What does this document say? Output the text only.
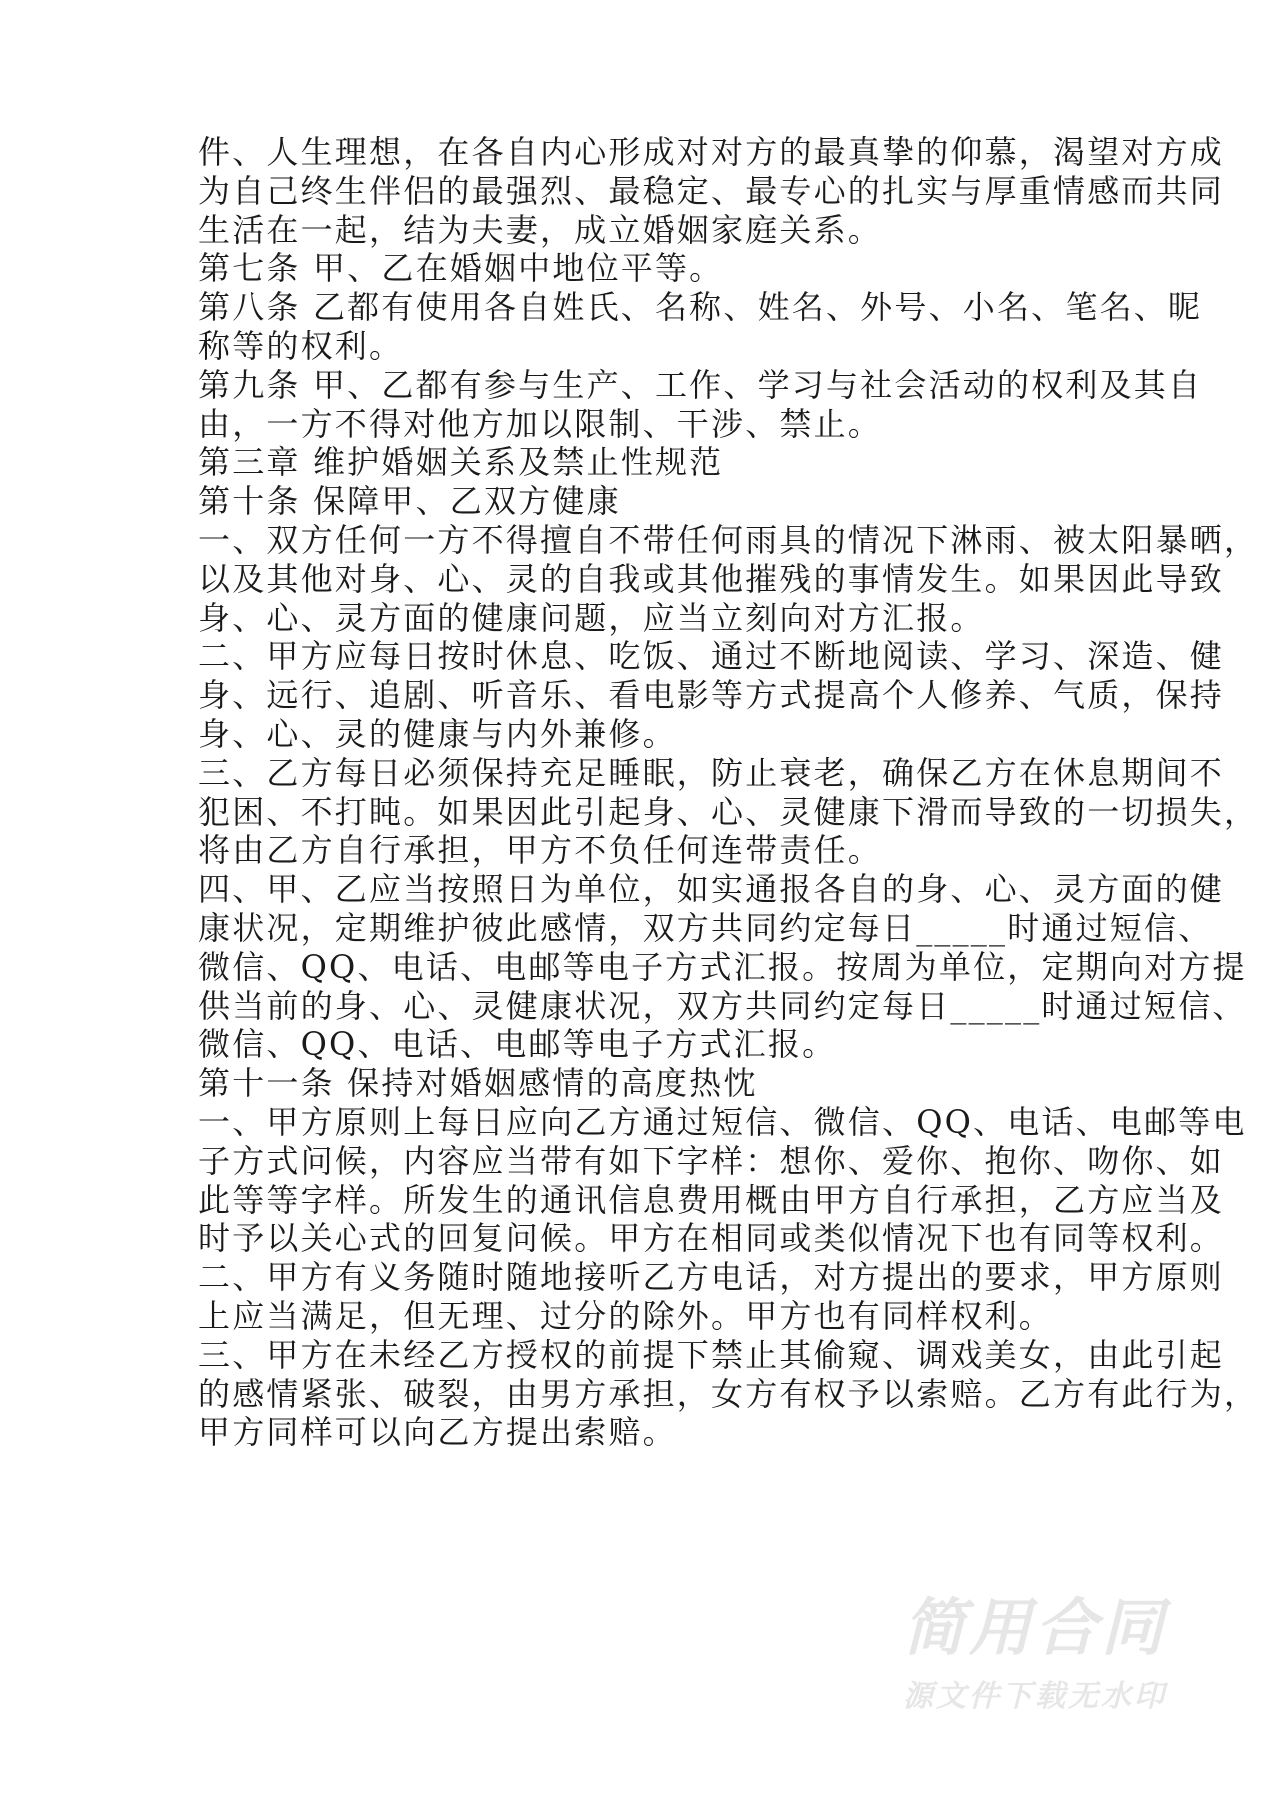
件、人生理想，在各自内心形成对对方的最真挚的仰慕，渴望对方成
为自己终生伴侣的最强烈、最稳定、最专心的扎实与厚重情感而共同
生活在一起，结为夫妻，成立婚姻家庭关系。
第七条 甲、乙在婚姻中地位平等。
第八条 乙都有使用各自姓氏、名称、姓名、外号、小名、笔名、昵
称等的权利。
第九条 甲、乙都有参与生产、工作、学习与社会活动的权利及其自
由，一方不得对他方加以限制、干涉、禁止。
第三章 维护婚姻关系及禁止性规范
第十条 保障甲、乙双方健康
一、双方任何一方不得擅自不带任何雨具的情况下淋雨、被太阳暴晒，
以及其他对身、心、灵的自我或其他摧残的事情发生。如果因此导致
身、心、灵方面的健康问题，应当立刻向对方汇报。
二、甲方应每日按时休息、吃饭、通过不断地阅读、学习、深造、健
身、远行、追剧、听音乐、看电影等方式提高个人修养、气质，保持
身、心、灵的健康与内外兼修。
三、乙方每日必须保持充足睡眠，防止衰老，确保乙方在休息期间不
犯困、不打盹。如果因此引起身、心、灵健康下滑而导致的一切损失，
将由乙方自行承担，甲方不负任何连带责任。
四、甲、乙应当按照日为单位，如实通报各自的身、心、灵方面的健
康状况，定期维护彼此感情，双方共同约定每日_____时通过短信、
微信、QQ、电话、电邮等电子方式汇报。按周为单位，定期向对方提
供当前的身、心、灵健康状况，双方共同约定每日_____时通过短信、
微信、QQ、电话、电邮等电子方式汇报。
第十一条 保持对婚姻感情的高度热忱
一、甲方原则上每日应向乙方通过短信、微信、QQ、电话、电邮等电
子方式问候，内容应当带有如下字样：想你、爱你、抱你、吻你、如
此等等字样。所发生的通讯信息费用概由甲方自行承担，乙方应当及
时予以关心式的回复问候。甲方在相同或类似情况下也有同等权利。
二、甲方有义务随时随地接听乙方电话，对方提出的要求，甲方原则
上应当满足，但无理、过分的除外。甲方也有同样权利。
三、甲方在未经乙方授权的前提下禁止其偷窥、调戏美女，由此引起
的感情紧张、破裂，由男方承担，女方有权予以索赔。乙方有此行为，
甲方同样可以向乙方提出索赔。
简用合同
源文件下载无水印
